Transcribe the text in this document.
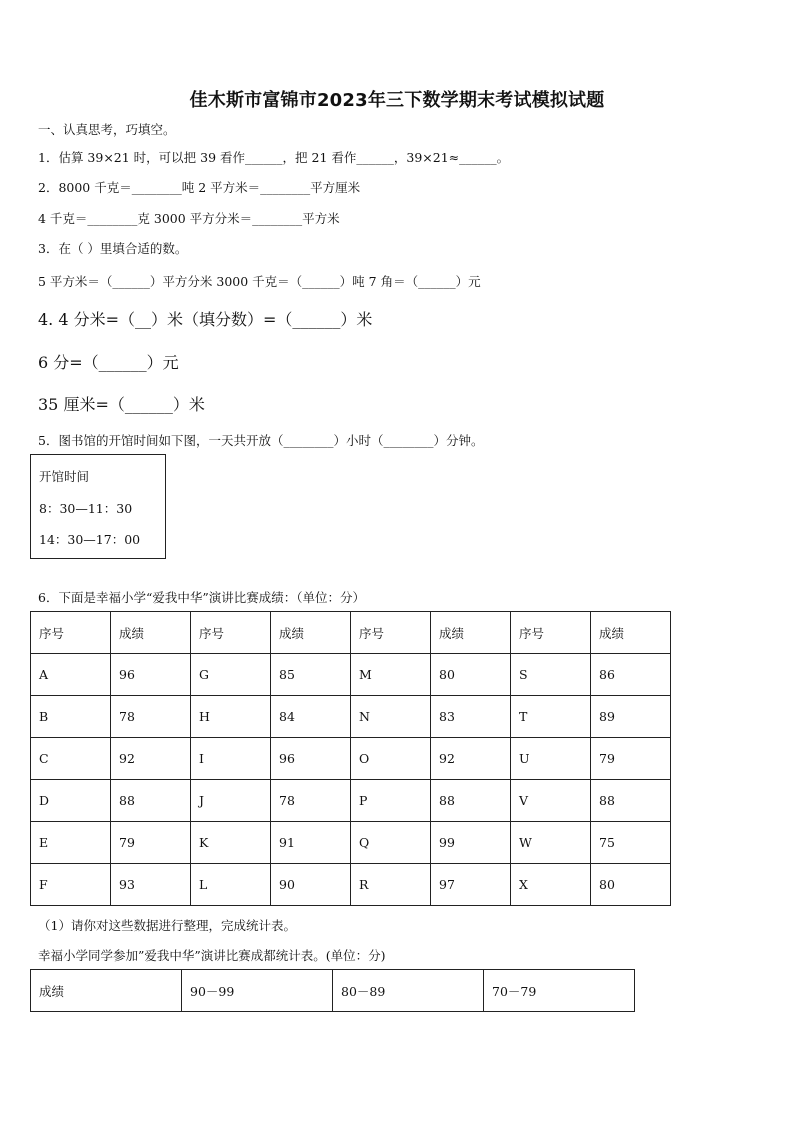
佳木斯市富锦市2023年三下数学期末考试模拟试题
一、认真思考，巧填空。
1．估算 39×21 时，可以把 39 看作______，把 21 看作______，39×21≈______。
2．8000 千克＝________吨 2 平方米＝________平方厘米
4 千克＝________克 3000 平方分米＝________平方米
3．在（ ）里填合适的数。
5 平方米＝（______）平方分米 3000 千克＝（______）吨 7 角＝（______）元
4. 4 分米=（__）米（填分数）=（______）米
6 分=（______）元
35 厘米=（______）米
5．图书馆的开馆时间如下图，一天共开放（________）小时（________）分钟。
开馆时间
8：30—11：30
14：30—17：00
6．下面是幸福小学“爱我中华”演讲比赛成绩：（单位：分）
序号	成绩	序号	成绩	序号	成绩	序号	成绩
A	96	G	85	M	80	S	86
B	78	H	84	N	83	T	89
C	92	I	96	O	92	U	79
D	88	J	78	P	88	V	88
E	79	K	91	Q	99	W	75
F	93	L	90	R	97	X	80
（1）请你对这些数据进行整理，完成统计表。
幸福小学同学参加”爱我中华”演讲比赛成都统计表。(单位：分)
成绩	90－99	80－89	70－79
